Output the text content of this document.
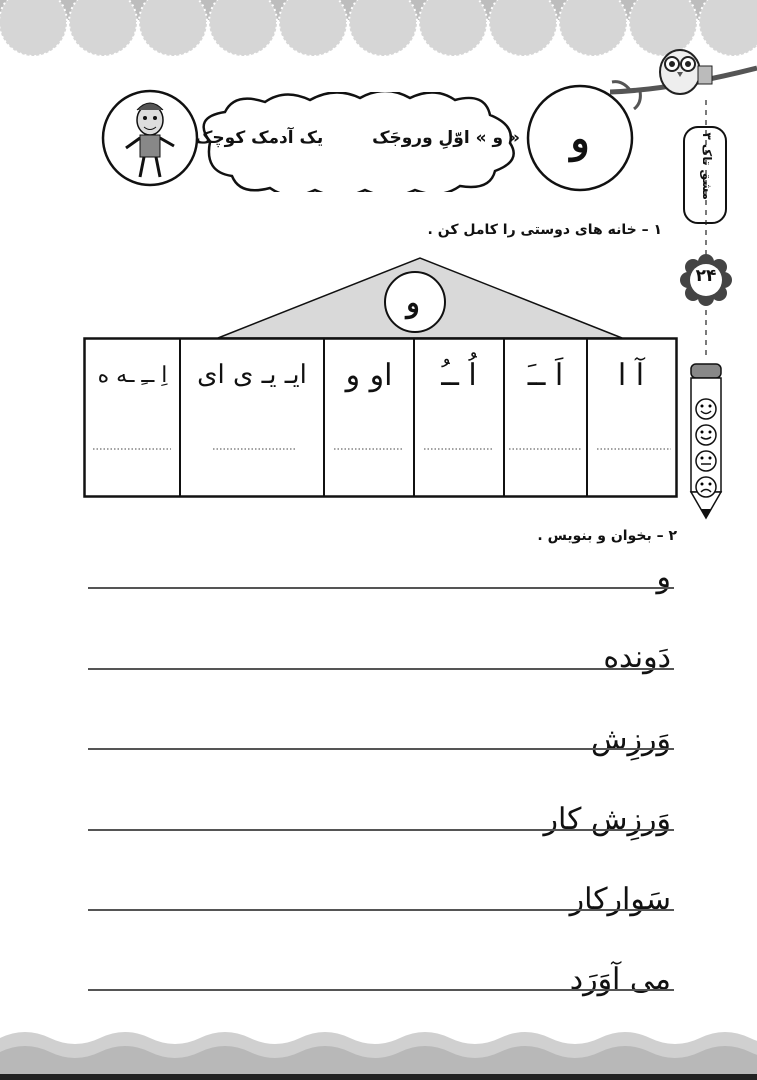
« و » اوّلِ وروجَک
یک آدمک کوچک	و	مشق تاک ۳
۲۴
۱ – خانه های دوستی را کامل کن .
و
آ ا
اَ ــَ
اُ ــُ
او و
ایـ یـ ی ای
اِ ــِ ـه ه
۲ – بخوان و بنویس .
و
دَونده
وَرزِش
وَرزِش کار
سَوارکار
می آوَرَد
